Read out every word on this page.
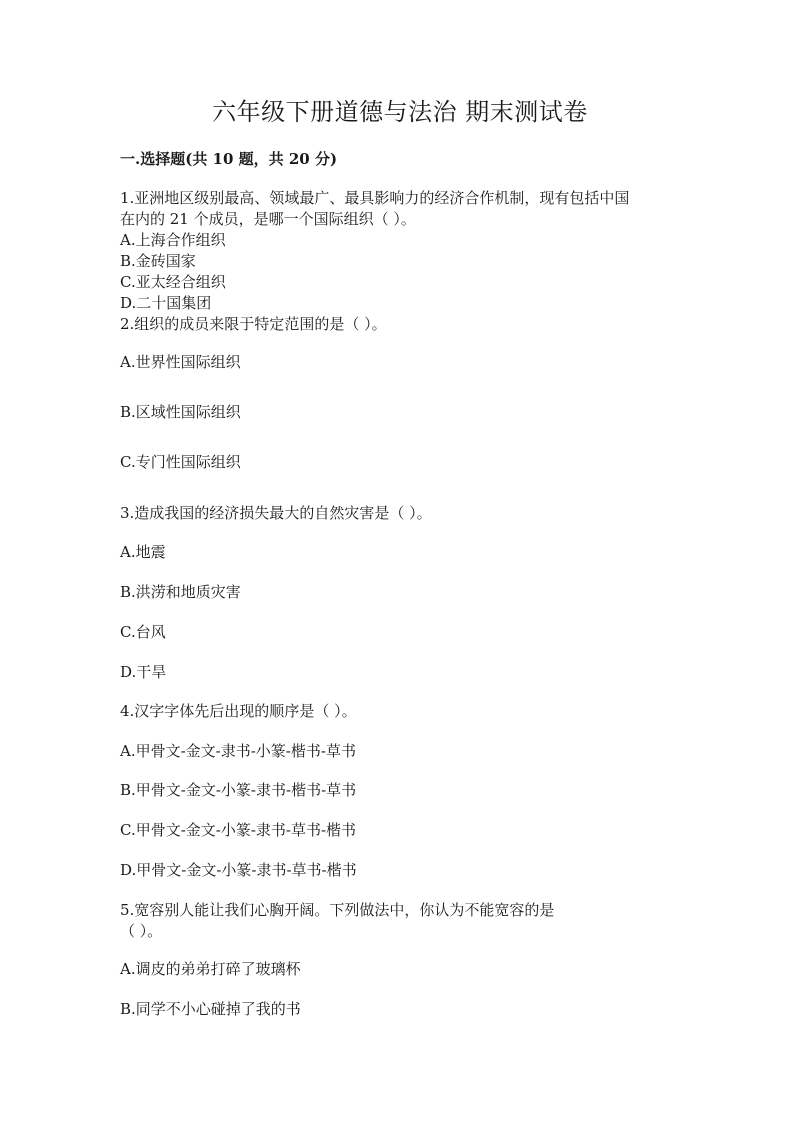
六年级下册道德与法治 期末测试卷
一.选择题(共 10 题，共 20 分)
1.亚洲地区级别最高、领域最广、最具影响力的经济合作机制，现有包括中国
在内的 21 个成员，是哪一个国际组织（ ）。
A.上海合作组织
B.金砖国家
C.亚太经合组织
D.二十国集团
2.组织的成员来限于特定范围的是（ ）。
A.世界性国际组织
B.区域性国际组织
C.专门性国际组织
3.造成我国的经济损失最大的自然灾害是（ ）。
A.地震
B.洪涝和地质灾害
C.台风
D.干旱
4.汉字字体先后出现的顺序是（ ）。
A.甲骨文-金文-隶书-小篆-楷书-草书
B.甲骨文-金文-小篆-隶书-楷书-草书
C.甲骨文-金文-小篆-隶书-草书-楷书
D.甲骨文-金文-小篆-隶书-草书-楷书
5.宽容别人能让我们心胸开阔。下列做法中，你认为不能宽容的是
（ ）。
A.调皮的弟弟打碎了玻璃杯
B.同学不小心碰掉了我的书
